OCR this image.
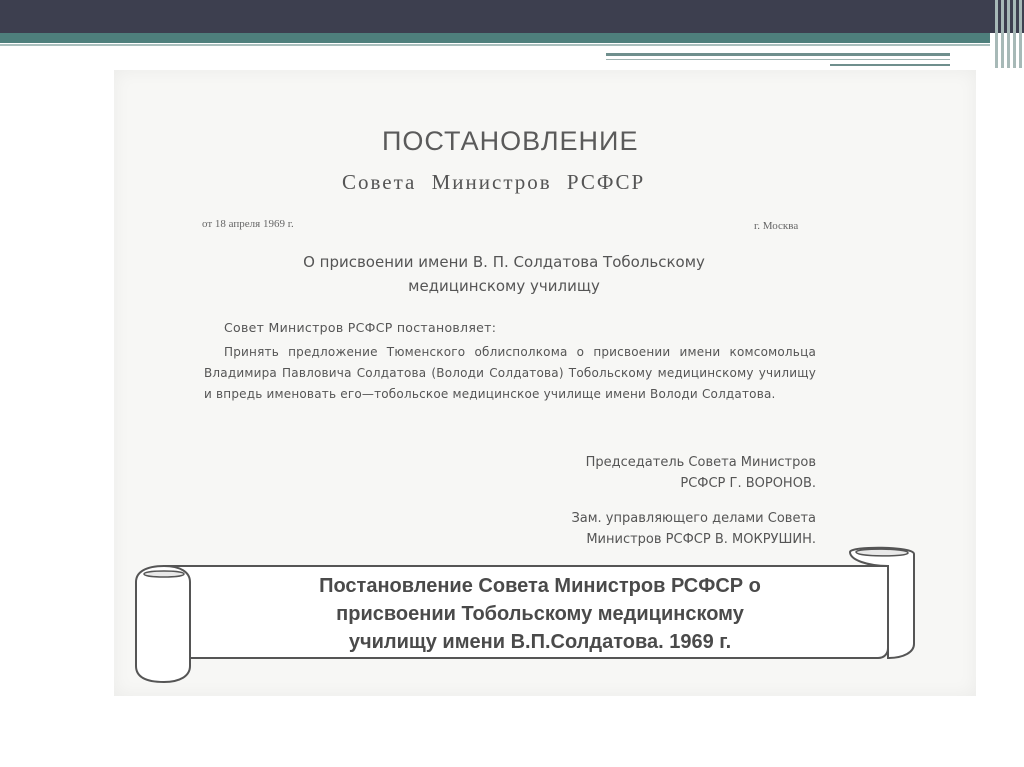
ПОСТАНОВЛЕНИЕ
Совета Министров РСФСР
от 18 апреля 1969 г.	г. Москва
О присвоении имени В. П. Солдатова Тобольскому
медицинскому училищу
Совет Министров РСФСР постановляет:
Принять предложение Тюменского облисполкома о присвоении имени комсомольца Владимира Павловича Солдатова (Володи Солдатова) Тобольскому медицинскому училищу и впредь именовать его—тобольское медицинское училище имени Володи Солдатова.
Председатель Совета Министров
РСФСР Г. ВОРОНОВ.
Зам. управляющего делами Совета
Министров РСФСР В. МОКРУШИН.
Постановление Совета Министров РСФСР о
присвоении Тобольскому медицинскому
училищу имени В.П.Солдатова. 1969 г.
